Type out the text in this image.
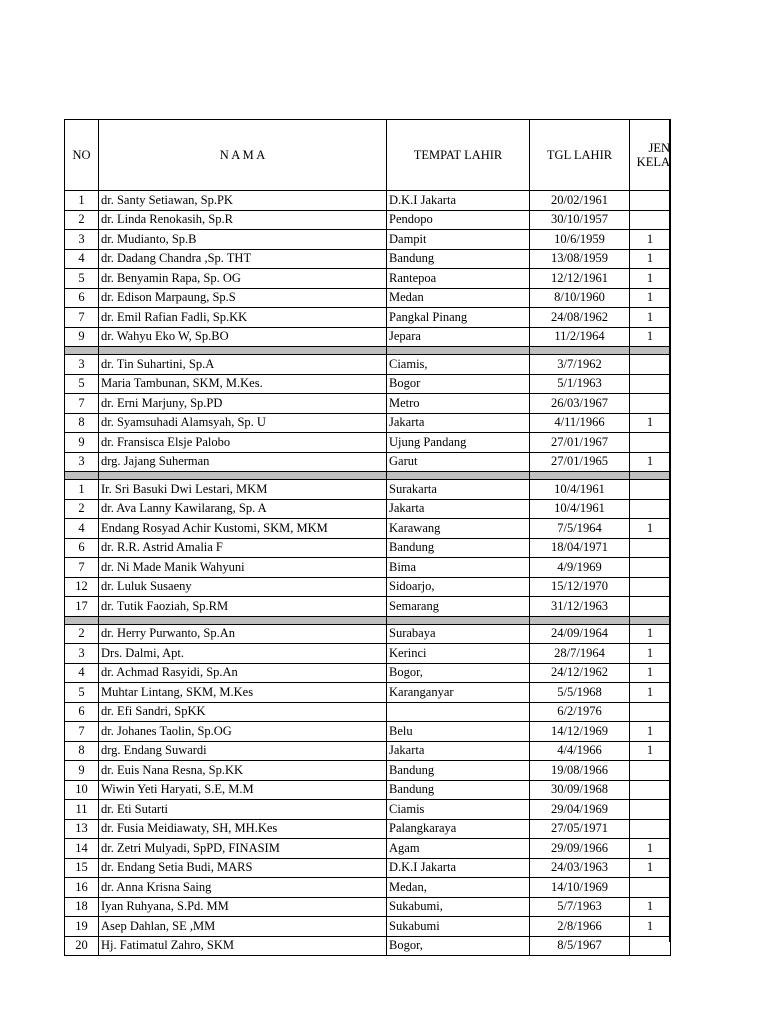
NO	N A M A	TEMPAT LAHIR	TGL LAHIR	JEN
KELA
1	dr. Santy Setiawan, Sp.PK	D.K.I Jakarta	20/02/1961	
2	dr. Linda Renokasih, Sp.R	Pendopo	30/10/1957	
3	dr. Mudianto, Sp.B	Dampit	10/6/1959	1
4	dr. Dadang Chandra ,Sp. THT	Bandung	13/08/1959	1
5	dr. Benyamin Rapa, Sp. OG	Rantepoa	12/12/1961	1
6	dr. Edison Marpaung, Sp.S	Medan	8/10/1960	1
7	dr. Emil Rafian Fadli, Sp.KK	Pangkal Pinang	24/08/1962	1
9	dr. Wahyu Eko W, Sp.BO	Jepara	11/2/1964	1

3	dr. Tin Suhartini, Sp.A	Ciamis,	3/7/1962	
5	Maria Tambunan, SKM, M.Kes.	Bogor	5/1/1963	
7	dr. Erni Marjuny, Sp.PD	Metro	26/03/1967	
8	dr. Syamsuhadi Alamsyah, Sp. U	Jakarta	4/11/1966	1
9	dr. Fransisca Elsje Palobo	Ujung Pandang	27/01/1967	
3	drg. Jajang Suherman	Garut	27/01/1965	1

1	Ir. Sri Basuki Dwi Lestari, MKM	Surakarta	10/4/1961	
2	dr. Ava Lanny Kawilarang, Sp. A	Jakarta	10/4/1961	
4	Endang Rosyad Achir Kustomi, SKM, MKM	Karawang	7/5/1964	1
6	dr. R.R. Astrid Amalia F	Bandung	18/04/1971	
7	dr. Ni Made Manik Wahyuni	Bima	4/9/1969	
12	dr. Luluk Susaeny	Sidoarjo,	15/12/1970	
17	dr. Tutik Faoziah, Sp.RM	Semarang	31/12/1963	

2	dr. Herry Purwanto, Sp.An	Surabaya	24/09/1964	1
3	Drs. Dalmi, Apt.	Kerinci	28/7/1964	1
4	dr. Achmad Rasyidi, Sp.An	Bogor,	24/12/1962	1
5	Muhtar Lintang, SKM, M.Kes	Karanganyar	5/5/1968	1
6	dr. Efi Sandri, SpKK		6/2/1976	
7	dr. Johanes Taolin, Sp.OG	Belu	14/12/1969	1
8	drg. Endang Suwardi	Jakarta	4/4/1966	1
9	dr. Euis Nana Resna, Sp.KK	Bandung	19/08/1966	
10	Wiwin Yeti Haryati, S.E, M.M	Bandung	30/09/1968	
11	dr. Eti Sutarti	Ciamis	29/04/1969	
13	dr. Fusia Meidiawaty, SH, MH.Kes	Palangkaraya	27/05/1971	
14	dr. Zetri Mulyadi, SpPD, FINASIM	Agam	29/09/1966	1
15	dr. Endang Setia Budi, MARS	D.K.I Jakarta	24/03/1963	1
16	dr. Anna Krisna Saing	Medan,	14/10/1969	
18	Iyan Ruhyana, S.Pd. MM	Sukabumi,	5/7/1963	1
19	Asep Dahlan, SE ,MM	Sukabumi	2/8/1966	1
20	Hj. Fatimatul Zahro, SKM	Bogor,	8/5/1967	
